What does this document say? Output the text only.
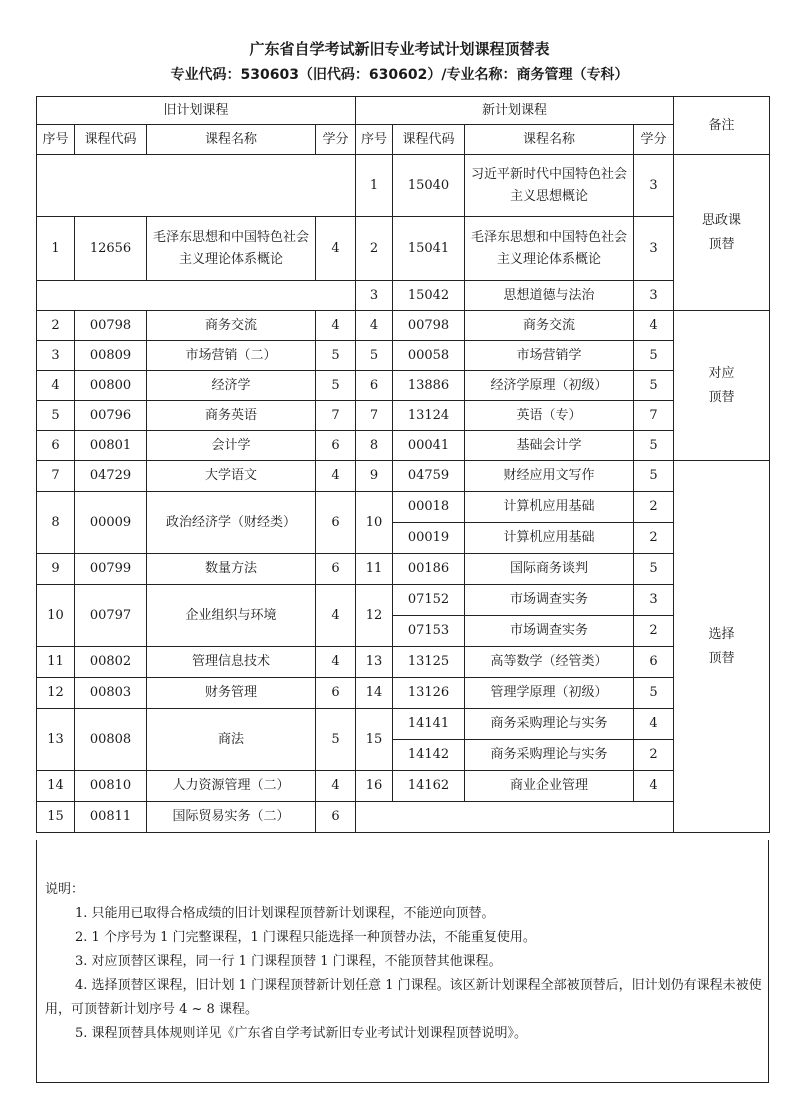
广东省自学考试新旧专业考试计划课程顶替表
专业代码：530603（旧代码：630602）/专业名称：商务管理（专科）
旧计划课程				新计划课程				备注
序号	课程代码	课程名称	学分	序号	课程代码	课程名称	学分	
				1	15040	习近平新时代中国特色社会主义思想概论	3	思政课
顶替
1	12656	毛泽东思想和中国特色社会主义理论体系概论	4	2	15041	毛泽东思想和中国特色社会主义理论体系概论	3	
				3	15042	思想道德与法治	3	
2	00798	商务交流	4	4	00798	商务交流	4	对应
顶替
3	00809	市场营销（二）	5	5	00058	市场营销学	5	
4	00800	经济学	5	6	13886	经济学原理（初级）	5	
5	00796	商务英语	7	7	13124	英语（专）	7	
6	00801	会计学	6	8	00041	基础会计学	5	
7	04729	大学语文	4	9	04759	财经应用文写作	5	选择
顶替
8	00009	政治经济学（财经类）	6	10	00018	计算机应用基础	2	
					00019	计算机应用基础	2	
9	00799	数量方法	6	11	00186	国际商务谈判	5	
10	00797	企业组织与环境	4	12	07152	市场调查实务	3	
					07153	市场调查实务	2	
11	00802	管理信息技术	4	13	13125	高等数学（经管类）	6	
12	00803	财务管理	6	14	13126	管理学原理（初级）	5	
13	00808	商法	5	15	14141	商务采购理论与实务	4	
					14142	商务采购理论与实务	2	
14	00810	人力资源管理（二）	4	16	14162	商业企业管理	4	
15	00811	国际贸易实务（二）	6					
说明：
1. 只能用已取得合格成绩的旧计划课程顶替新计划课程，不能逆向顶替。
2. 1 个序号为 1 门完整课程，1 门课程只能选择一种顶替办法，不能重复使用。
3. 对应顶替区课程，同一行 1 门课程顶替 1 门课程，不能顶替其他课程。
4. 选择顶替区课程，旧计划 1 门课程顶替新计划任意 1 门课程。该区新计划课程全部被顶替后，旧计划仍有课程未被使用，可顶替新计划序号 4 ~ 8 课程。
5. 课程顶替具体规则详见《广东省自学考试新旧专业考试计划课程顶替说明》。
